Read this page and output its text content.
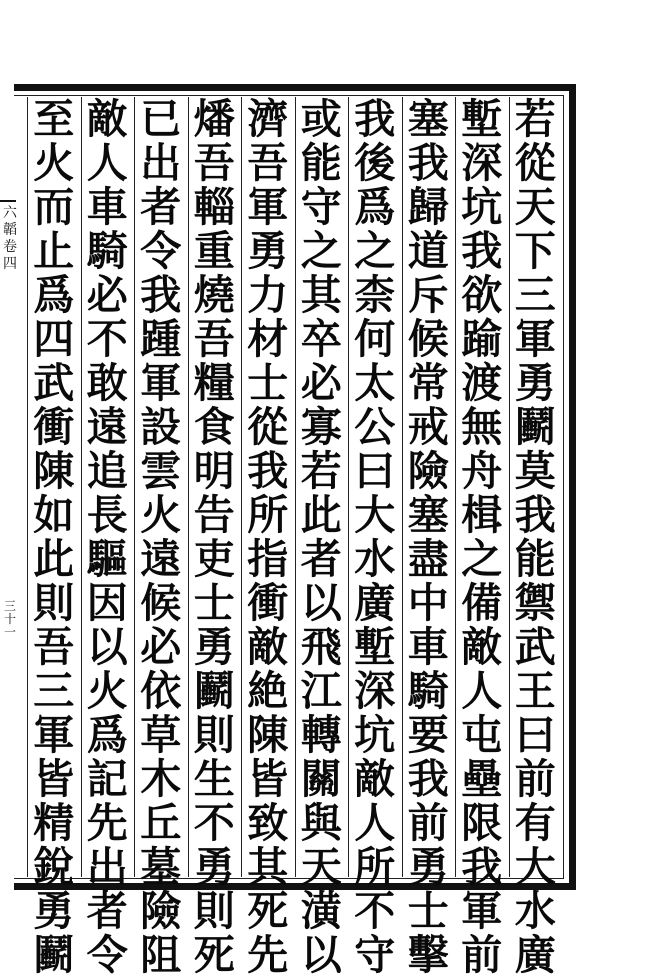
六
韜
卷
四
三
十
一
若
從
天
下
三
軍
勇
鬬
莫
我
能
禦
武
王
曰
前
有
大
水
廣
塹
深
坑
我
欲
踰
渡
無
舟
楫
之
備
敵
人
屯
壘
限
我
軍
前
塞
我
歸
道
斥
候
常
戒
險
塞
盡
中
車
騎
要
我
前
勇
士
擊
我
後
爲
之
柰
何
太
公
曰
大
水
廣
塹
深
坑
敵
人
所
不
守
或
能
守
之
其
卒
必
寡
若
此
者
以
飛
江
轉
關
與
天
潢
以
濟
吾
軍
勇
力
材
士
從
我
所
指
衝
敵
絶
陳
皆
致
其
死
先
燔
吾
輜
重
燒
吾
糧
食
明
告
吏
士
勇
鬬
則
生
不
勇
則
死
已
出
者
令
我
踵
軍
設
雲
火
遠
候
必
依
草
木
丘
墓
險
阻
敵
人
車
騎
必
不
敢
遠
追
長
驅
因
以
火
爲
記
先
出
者
令
至
火
而
止
爲
四
武
衝
陳
如
此
則
吾
三
軍
皆
精
銳
勇
鬬
